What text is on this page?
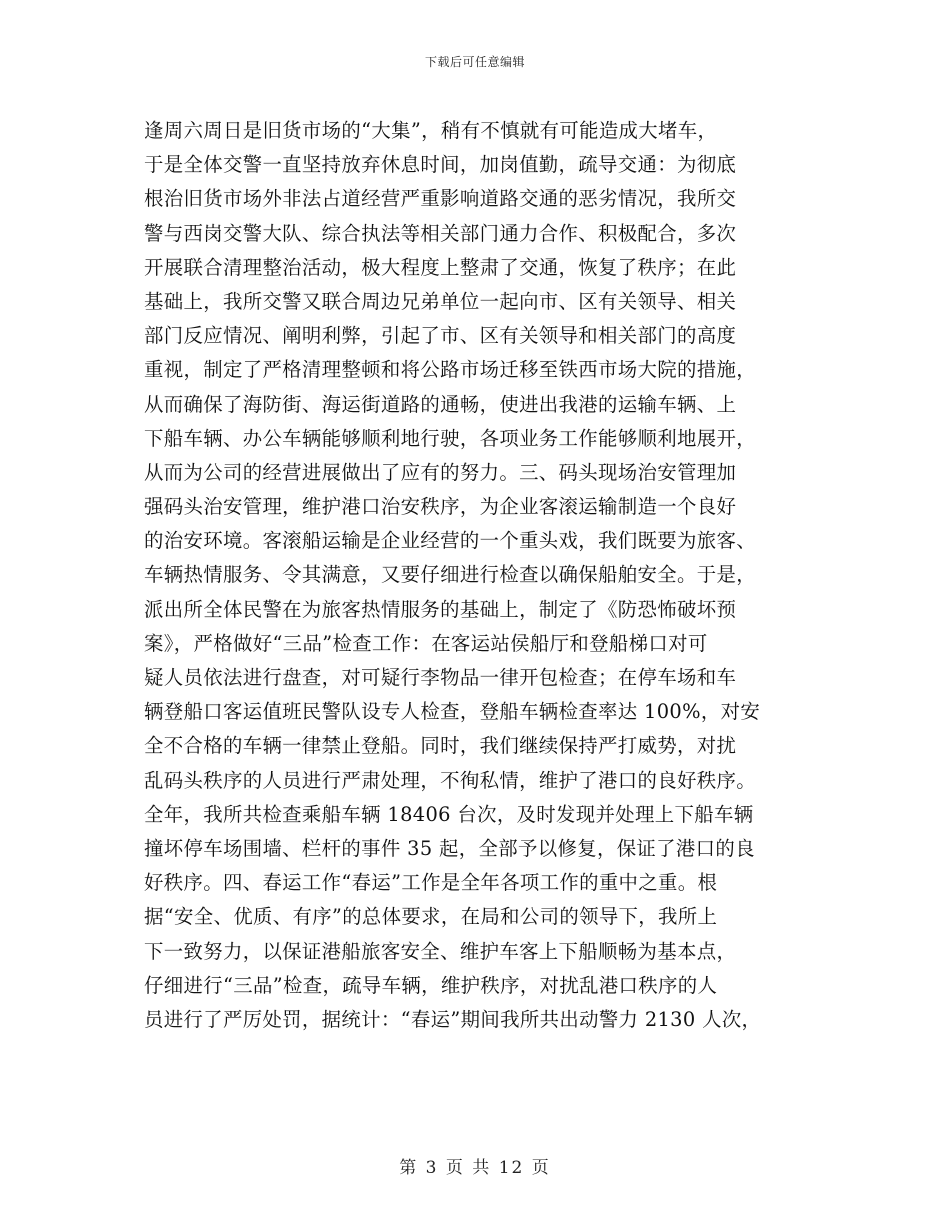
下载后可任意编辑
逢周六周日是旧货市场的“大集”，稍有不慎就有可能造成大堵车，
于是全体交警一直坚持放弃休息时间，加岗值勤，疏导交通：为彻底
根治旧货市场外非法占道经营严重影响道路交通的恶劣情况，我所交
警与西岗交警大队、综合执法等相关部门通力合作、积极配合，多次
开展联合清理整治活动，极大程度上整肃了交通，恢复了秩序；在此
基础上，我所交警又联合周边兄弟单位一起向市、区有关领导、相关
部门反应情况、阐明利弊，引起了市、区有关领导和相关部门的高度
重视，制定了严格清理整顿和将公路市场迁移至铁西市场大院的措施，
从而确保了海防街、海运街道路的通畅，使进出我港的运输车辆、上
下船车辆、办公车辆能够顺利地行驶，各项业务工作能够顺利地展开，
从而为公司的经营进展做出了应有的努力。三、码头现场治安管理加
强码头治安管理，维护港口治安秩序，为企业客滚运输制造一个良好
的治安环境。客滚船运输是企业经营的一个重头戏，我们既要为旅客、
车辆热情服务、令其满意，又要仔细进行检查以确保船舶安全。于是，
派出所全体民警在为旅客热情服务的基础上，制定了《防恐怖破坏预
案》，严格做好“三品”检查工作：在客运站侯船厅和登船梯口对可
疑人员依法进行盘查，对可疑行李物品一律开包检查；在停车场和车
辆登船口客运值班民警队设专人检查，登船车辆检查率达 100%，对安
全不合格的车辆一律禁止登船。同时，我们继续保持严打威势，对扰
乱码头秩序的人员进行严肃处理，不徇私情，维护了港口的良好秩序。
全年，我所共检查乘船车辆 18406 台次，及时发现并处理上下船车辆
撞坏停车场围墙、栏杆的事件 35 起，全部予以修复，保证了港口的良
好秩序。四、春运工作“春运”工作是全年各项工作的重中之重。根
据“安全、优质、有序”的总体要求，在局和公司的领导下，我所上
下一致努力，以保证港船旅客安全、维护车客上下船顺畅为基本点，
仔细进行“三品”检查，疏导车辆，维护秩序，对扰乱港口秩序的人
员进行了严厉处罚，据统计：“春运”期间我所共出动警力 2130 人次，
第 3 页 共 12 页
